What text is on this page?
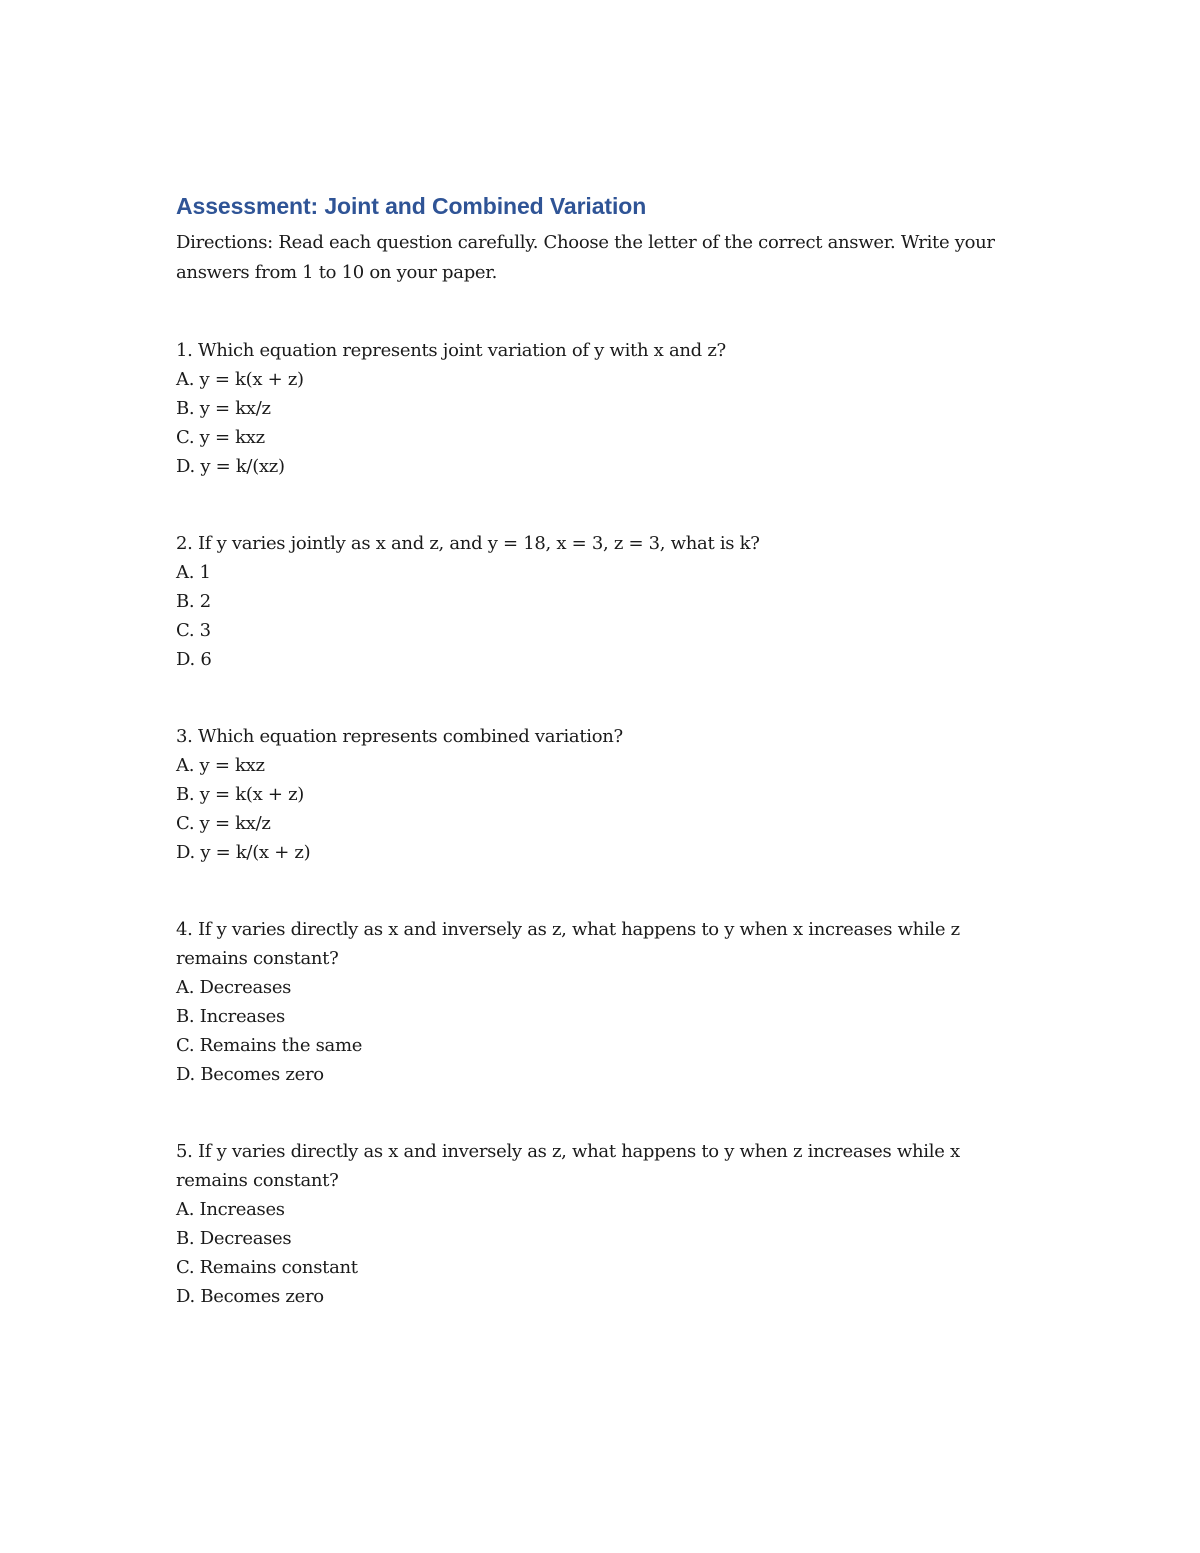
Assessment: Joint and Combined Variation

Directions: Read each question carefully. Choose the letter of the correct answer. Write your answers from 1 to 10 on your paper.

1. Which equation represents joint variation of y with x and z?

A. y = k(x + z)
B. y = kx/z
C. y = kxz
D. y = k/(xz)

2. If y varies jointly as x and z, and y = 18, x = 3, z = 3, what is k?

A. 1
B. 2
C. 3
D. 6

3. Which equation represents combined variation?

A. y = kxz
B. y = k(x + z)
C. y = kx/z
D. y = k/(x + z)

4. If y varies directly as x and inversely as z, what happens to y when x increases while z remains constant?

A. Decreases
B. Increases
C. Remains the same
D. Becomes zero

5. If y varies directly as x and inversely as z, what happens to y when z increases while x remains constant?

A. Increases
B. Decreases
C. Remains constant
D. Becomes zero
